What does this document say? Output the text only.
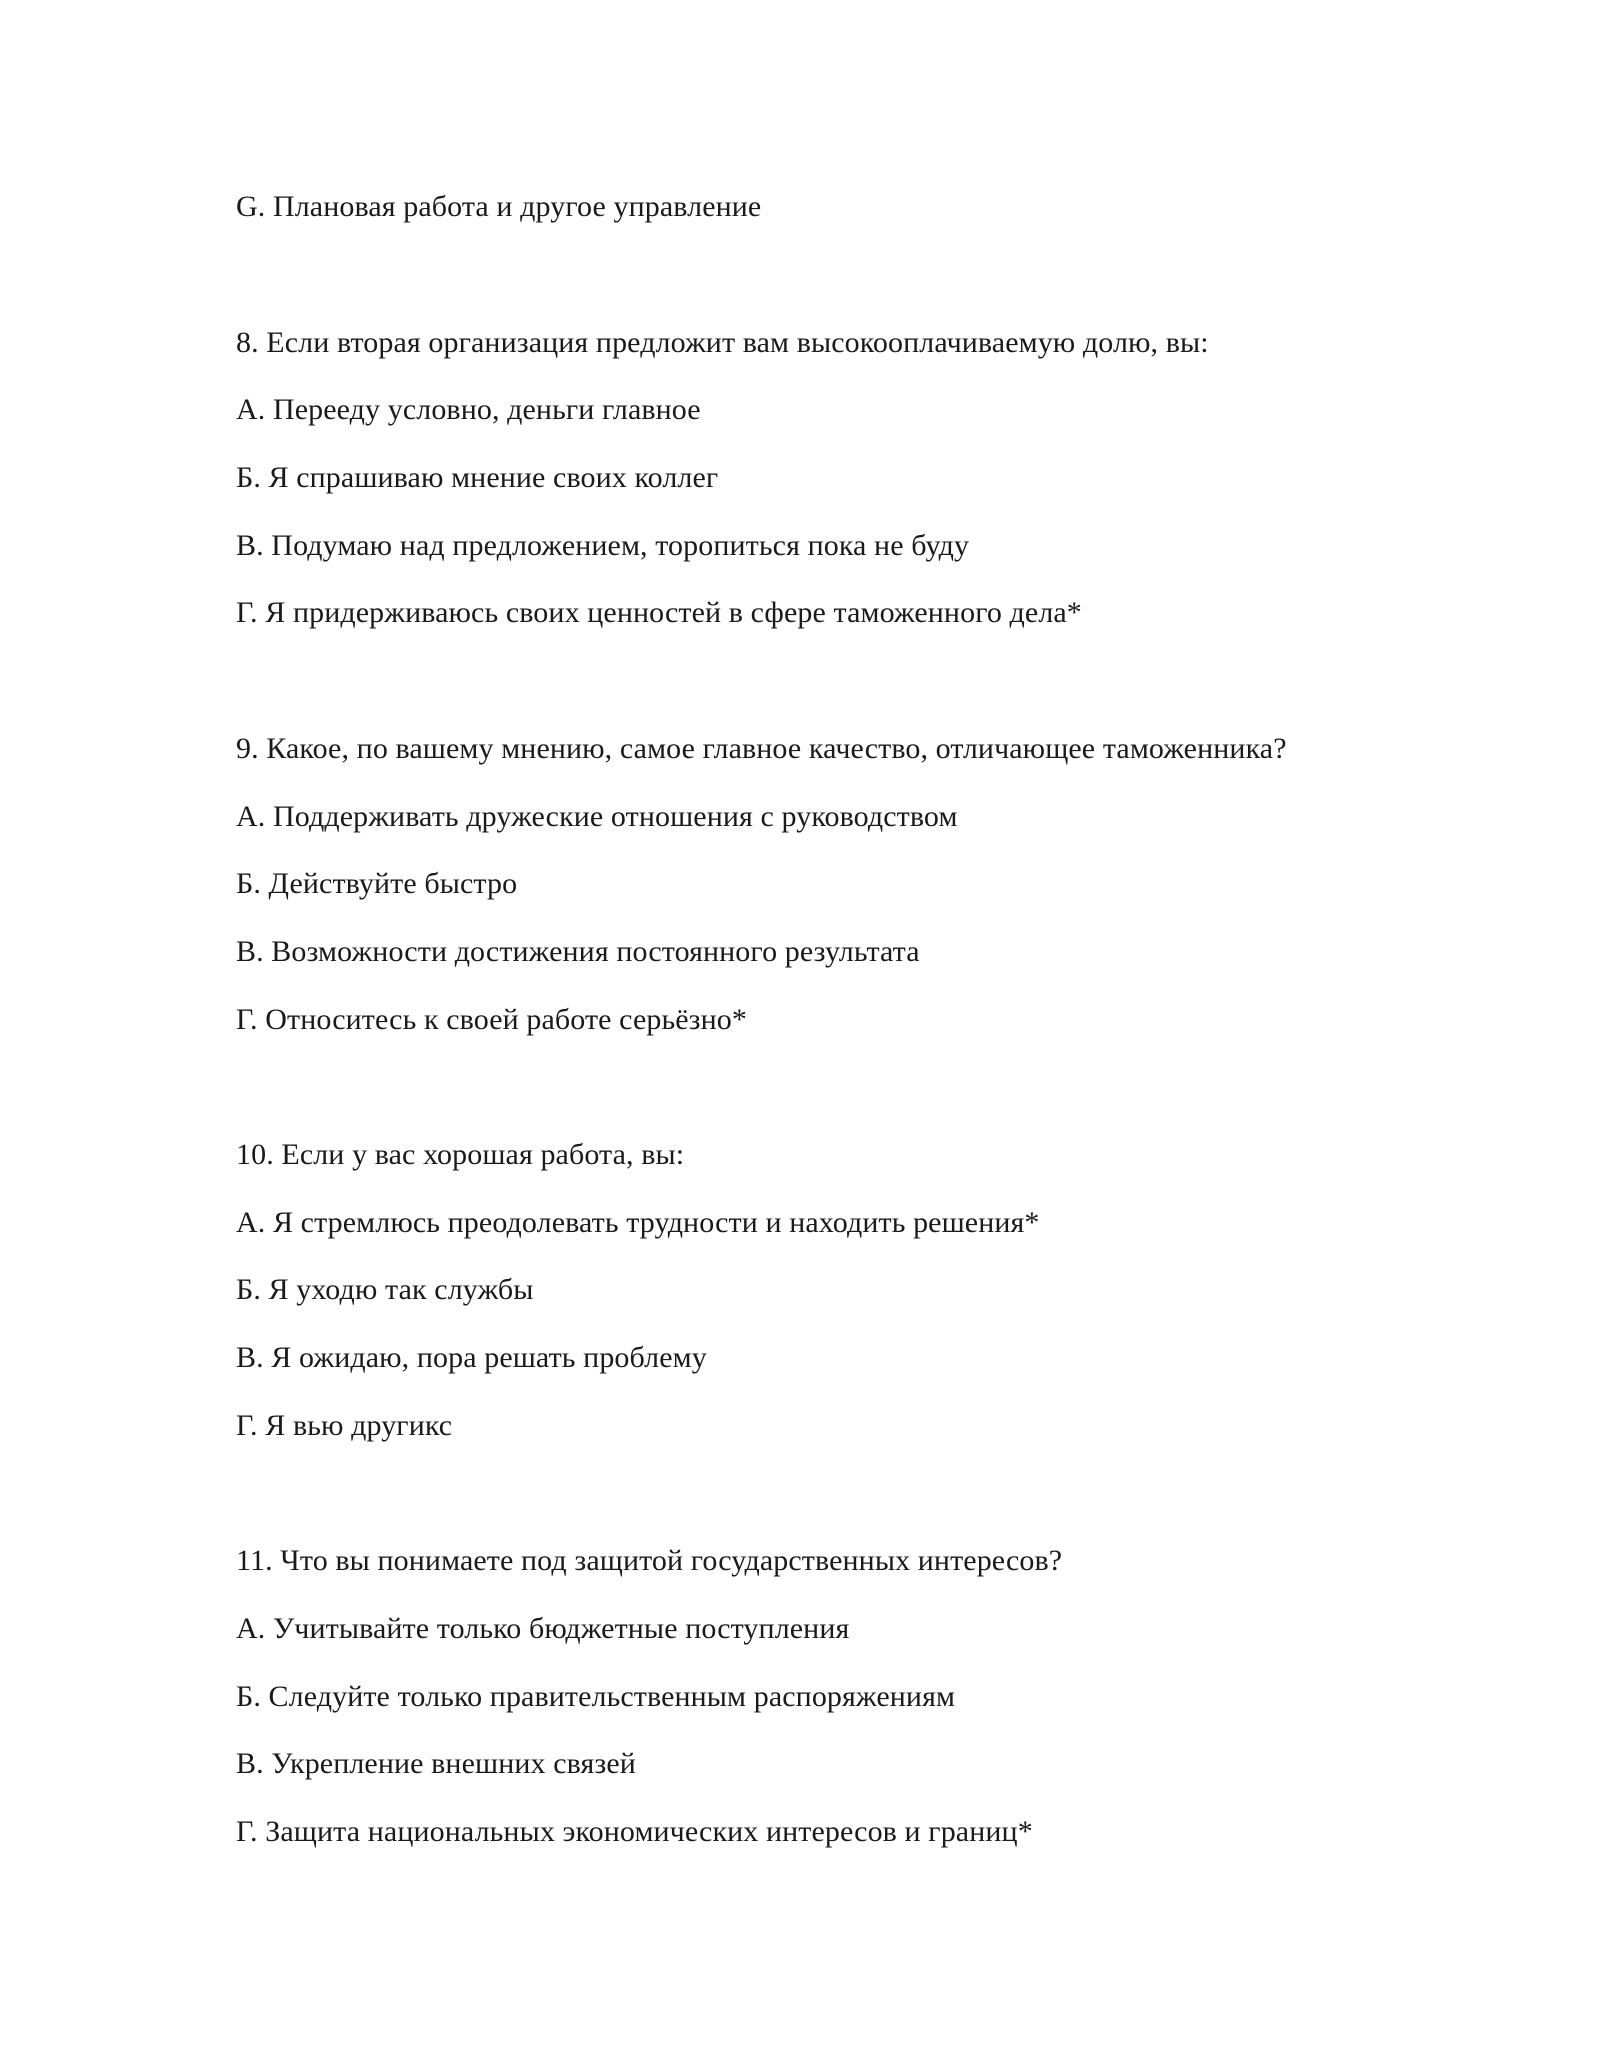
G. Плановая работа и другое управление
8. Если вторая организация предложит вам высокооплачиваемую долю, вы:
А. Перееду условно, деньги главное
Б. Я спрашиваю мнение своих коллег
В. Подумаю над предложением, торопиться пока не буду
Г. Я придерживаюсь своих ценностей в сфере таможенного дела*
9. Какое, по вашему мнению, самое главное качество, отличающее таможенника?
А. Поддерживать дружеские отношения с руководством
Б. Действуйте быстро
В. Возможности достижения постоянного результата
Г. Относитесь к своей работе серьёзно*
10. Если у вас хорошая работа, вы:
А. Я стремлюсь преодолевать трудности и находить решения*
Б. Я уходю так службы
В. Я ожидаю, пора решать проблему
Г. Я вью другикс
11. Что вы понимаете под защитой государственных интересов?
А. Учитывайте только бюджетные поступления
Б. Следуйте только правительственным распоряжениям
В. Укрепление внешних связей
Г. Защита национальных экономических интересов и границ*
